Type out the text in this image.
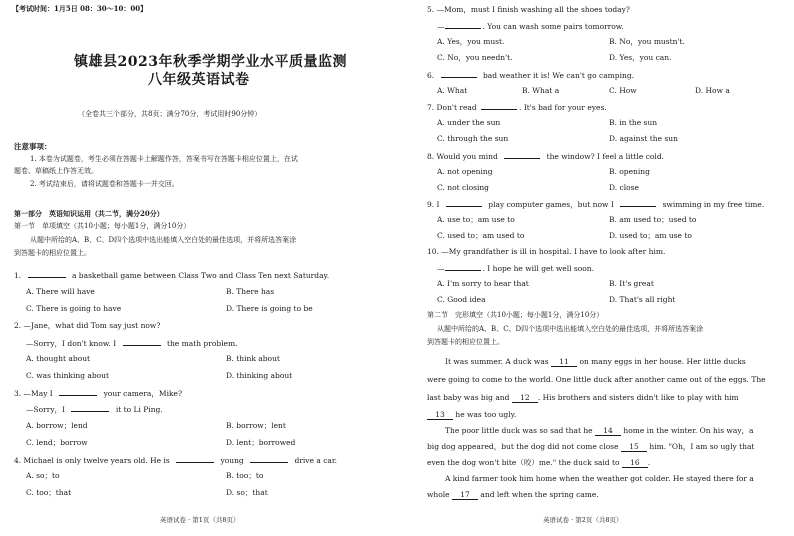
【考试时间：1月5日 08：30～10：00】
镇雄县2023年秋季学期学业水平质量监测
八年级英语试卷
（全卷共三个部分，共8页；满分70分，考试用时90分钟）
注意事项：
1. 本卷为试题卷，考生必须在答题卡上解题作答，答案书写在答题卡相应位置上，在试
题卷、草稿纸上作答无效。
2. 考试结束后，请将试题卷和答题卡一并交回。
第一部分　英语知识运用（共二节，满分20分）
第一节　单项填空（共10小题；每小题1分，满分10分）
从题中所给的A、B、C、D四个选项中选出能填入空白处的最佳选项，并将所选答案涂
到答题卡的相应位置上。
1.	a basketball game between Class Two and Class Ten next Saturday.
A. There will have	B. There has
C. There is going to have	D. There is going to be
2. —Jane，what did Tom say just now?
—Sorry，I don't know. I	the math problem.
A. thought about	B. think about
C. was thinking about	D. thinking about
3. —May I	your camera，Mike?
—Sorry，I	it to Li Ping.
A. borrow；lend	B. borrow；lent
C. lend；borrow	D. lent；borrowed
4. Michael is only twelve years old. He is	young	drive a car.
A. so；to	B. too；to
C. too；that	D. so；that
英语试卷 · 第1页（共8页）
5. —Mom，must I finish washing all the shoes today?
—	. You can wash some pairs tomorrow.
A. Yes，you must.	B. No，you mustn't.
C. No，you needn't.	D. Yes，you can.
6.	bad weather it is! We can't go camping.
A. What	B. What a	C. How	D. How a
7. Don't read	. It's bad for your eyes.
A. under the sun	B. in the sun
C. through the sun	D. against the sun
8. Would you mind	the window? I feel a little cold.
A. not opening	B. opening
C. not closing	D. close
9. I	play computer games，but now I	swimming in my free time.
A. use to；am use to	B. am used to；used to
C. used to；am used to	D. used to；am use to
10. —My grandfather is ill in hospital. I have to look after him.
—	. I hope he will get well soon.
A. I'm sorry to hear that	B. It's great
C. Good idea	D. That's all right
第二节　完形填空（共10小题；每小题1分，满分10分）
从题中所给的A、B、C、D四个选项中选出能填入空白处的最佳选项，并将所选答案涂
到答题卡的相应位置上。
It was summer. A duck was 11 on many eggs in her house. Her little ducks
were going to come to the world. One little duck after another came out of the eggs. The
last baby was big and 12 . His brothers and sisters didn't like to play with him
13 he was too ugly.
The poor little duck was so sad that he 14 home in the winter. On his way，a
big dog appeared，but the dog did not come close 15 him. "Oh，I am so ugly that
even the dog won't bite（咬）me." the duck said to 16 .
A kind farmer took him home when the weather got colder. He stayed there for a
whole 17 and left when the spring came.
英语试卷 · 第2页（共8页）
